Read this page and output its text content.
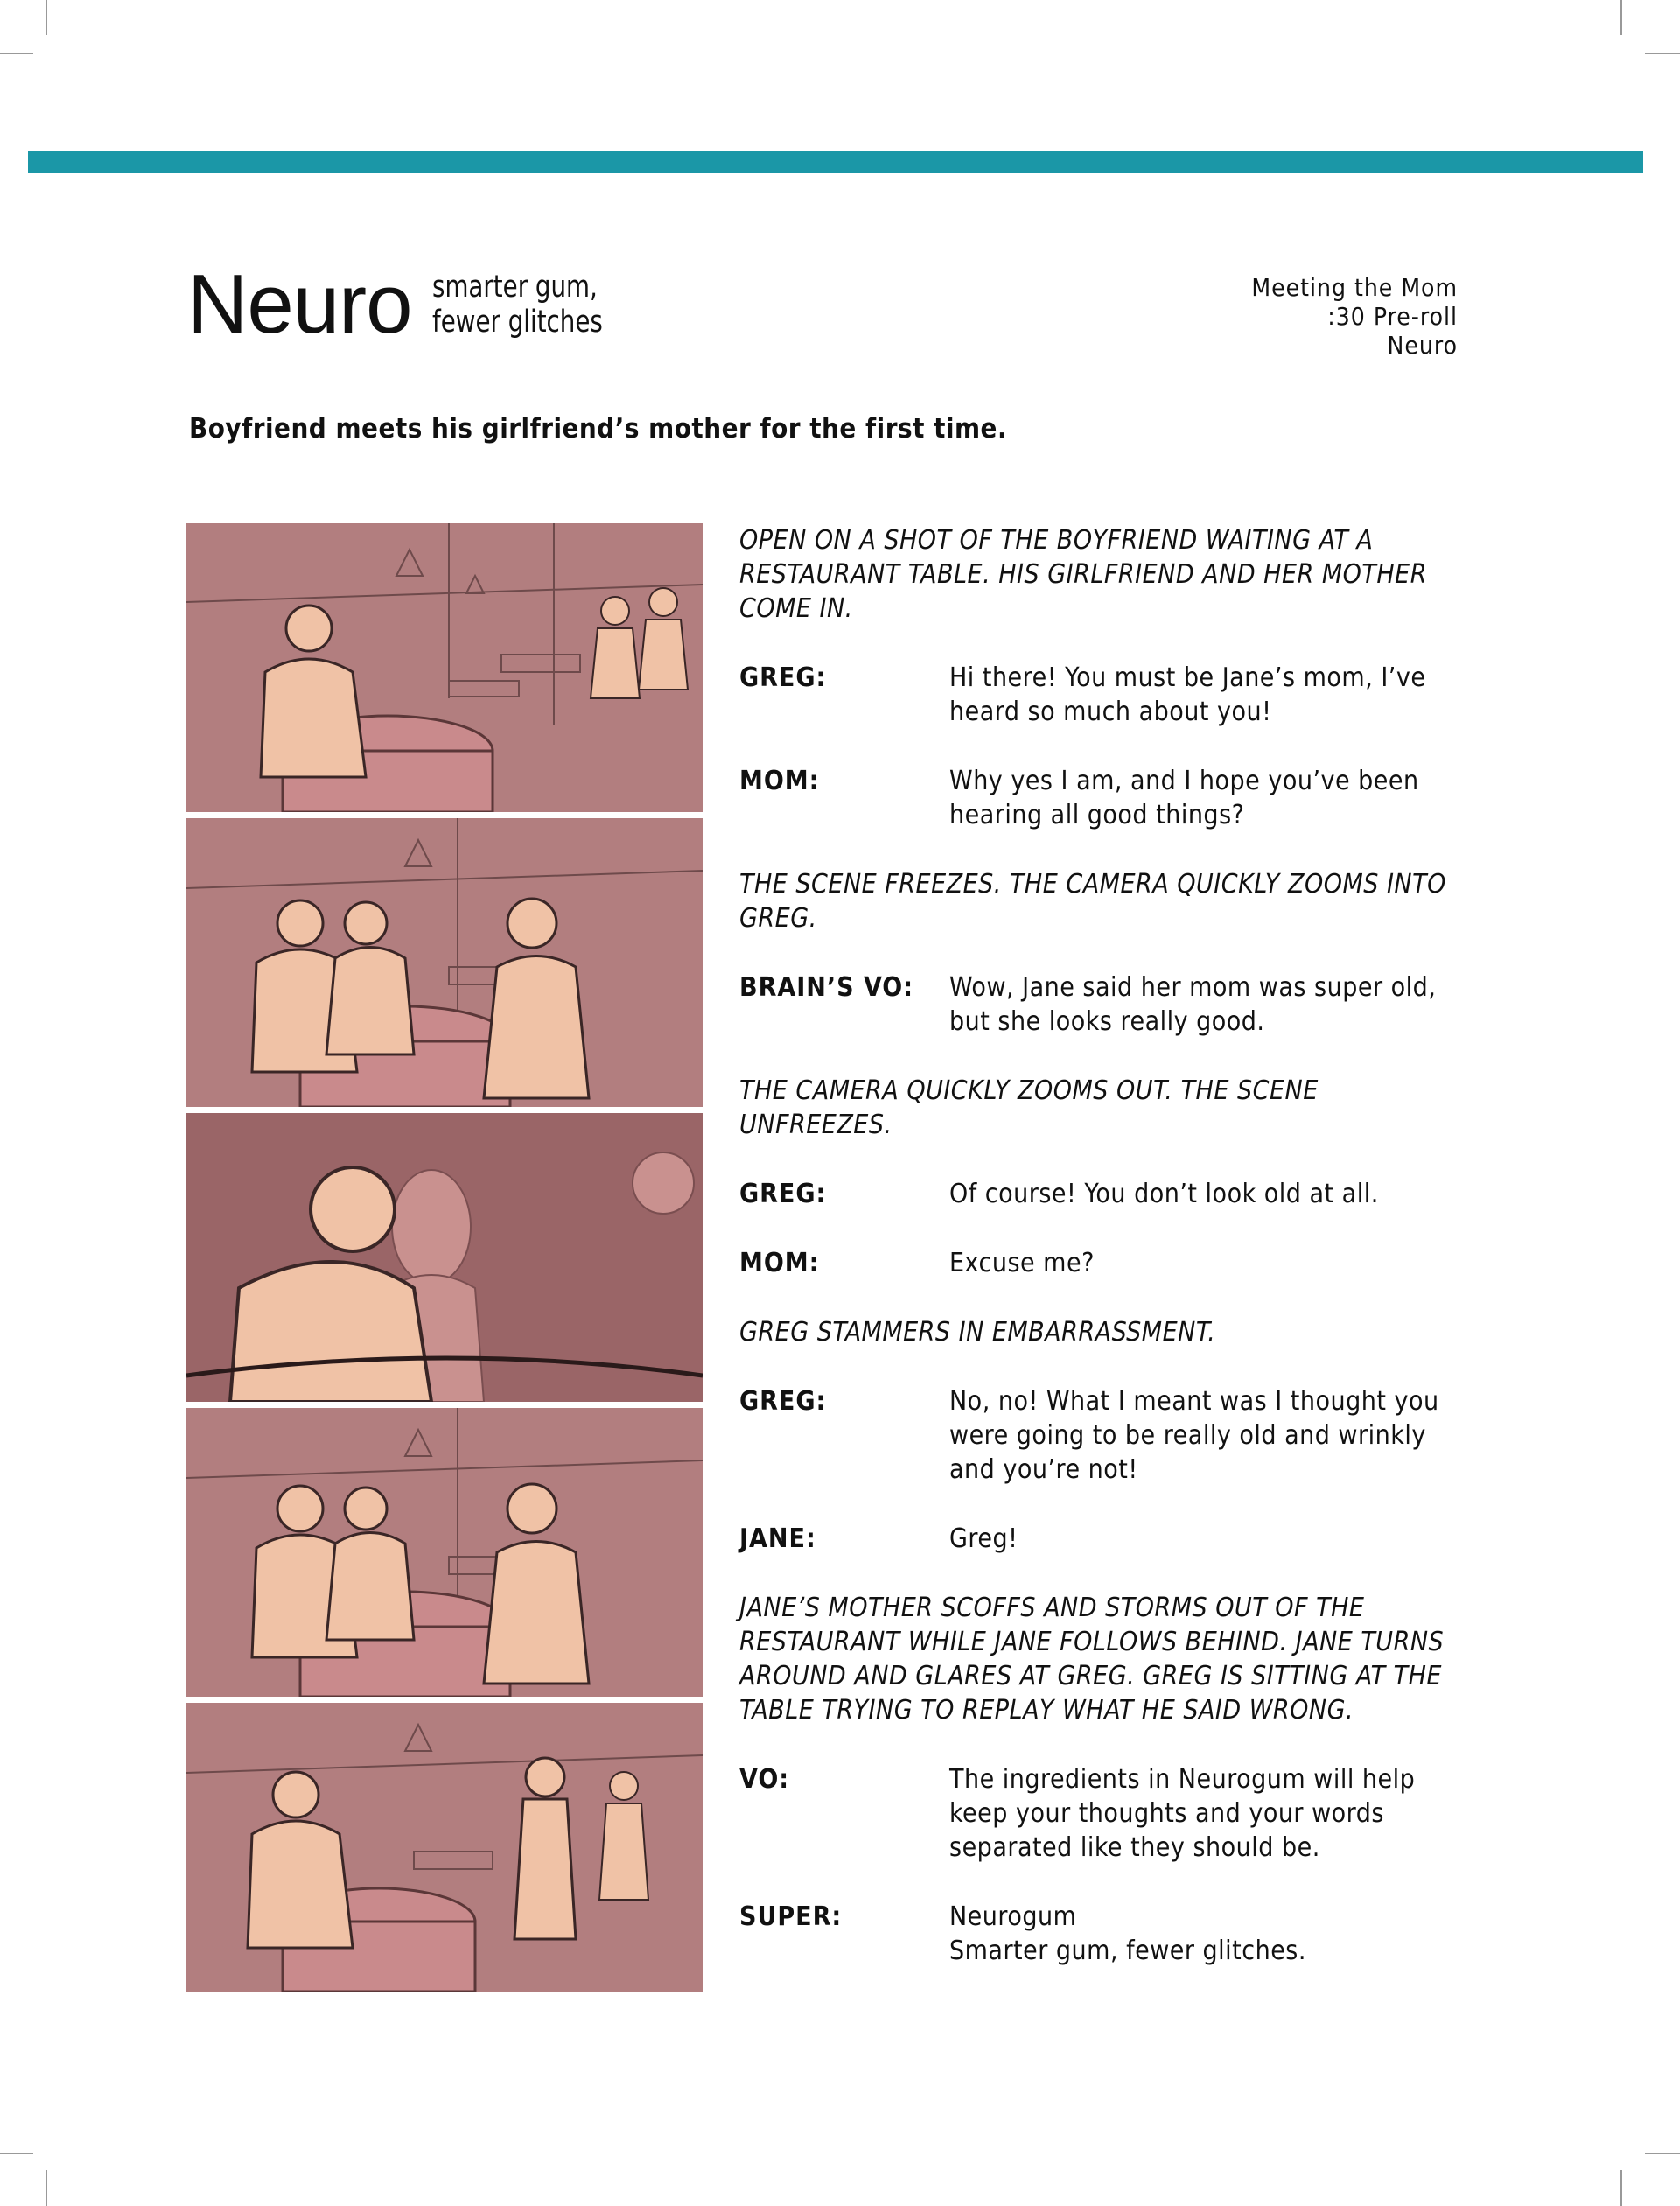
Neuro smarter gum,
fewer glitches
Meeting the Mom
:30 Pre-roll
Neuro
Boyfriend meets his girlfriend’s mother for the first time.
OPEN ON A SHOT OF THE BOYFRIEND WAITING AT A RESTAURANT TABLE. HIS GIRLFRIEND AND HER MOTHER COME IN.
GREG:	Hi there! You must be Jane’s mom, I’ve heard so much about you!
MOM:	Why yes I am, and I hope you’ve been hearing all good things?
THE SCENE FREEZES. THE CAMERA QUICKLY ZOOMS INTO GREG.
BRAIN’S VO:	Wow, Jane said her mom was super old, but she looks really good.
THE CAMERA QUICKLY ZOOMS OUT. THE SCENE UNFREEZES.
GREG:	Of course! You don’t look old at all.
MOM:	Excuse me?
GREG STAMMERS IN EMBARRASSMENT.
GREG:	No, no! What I meant was I thought you were going to be really old and wrinkly and you’re not!
JANE:	Greg!
JANE’S MOTHER SCOFFS AND STORMS OUT OF THE RESTAURANT WHILE JANE FOLLOWS BEHIND. JANE TURNS AROUND AND GLARES AT GREG. GREG IS SITTING AT THE TABLE TRYING TO REPLAY WHAT HE SAID WRONG.
VO:	The ingredients in Neurogum will help keep your thoughts and your words separated like they should be.
SUPER:	Neurogum
Smarter gum, fewer glitches.
